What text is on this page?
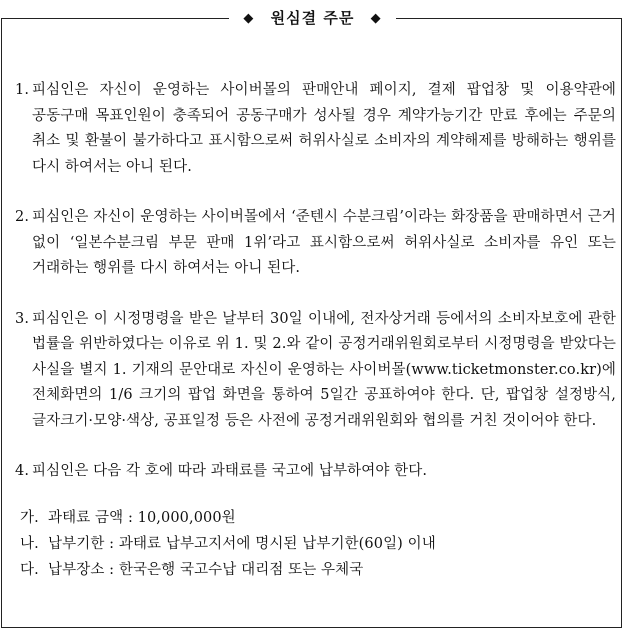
◆ 원심결 주문 ◆
1. 피심인은 자신이 운영하는 사이버몰의 판매안내 페이지, 결제 팝업창 및 이용약관에 공동구매 목표인원이 충족되어 공동구매가 성사될 경우 계약가능기간 만료 후에는 주문의 취소 및 환불이 불가하다고 표시함으로써 허위사실로 소비자의 계약해제를 방해하는 행위를 다시 하여서는 아니 된다.
2. 피심인은 자신이 운영하는 사이버몰에서 ‘준텐시 수분크림’이라는 화장품을 판매하면서 근거 없이 ‘일본수분크림 부문 판매 1위’라고 표시함으로써 허위사실로 소비자를 유인 또는 거래하는 행위를 다시 하여서는 아니 된다.
3. 피심인은 이 시정명령을 받은 날부터 30일 이내에, 전자상거래 등에서의 소비자보호에 관한 법률을 위반하였다는 이유로 위 1. 및 2.와 같이 공정거래위원회로부터 시정명령을 받았다는 사실을 별지 1. 기재의 문안대로 자신이 운영하는 사이버몰(www.ticketmonster.co.kr)에 전체화면의 1/6 크기의 팝업 화면을 통하여 5일간 공표하여야 한다. 단, 팝업창 설정방식, 글자크기·모양·색상, 공표일정 등은 사전에 공정거래위원회와 협의를 거친 것이어야 한다.
4. 피심인은 다음 각 호에 따라 과태료를 국고에 납부하여야 한다.
가. 과태료 금액 : 10,000,000원
나. 납부기한 : 과태료 납부고지서에 명시된 납부기한(60일) 이내
다. 납부장소 : 한국은행 국고수납 대리점 또는 우체국
